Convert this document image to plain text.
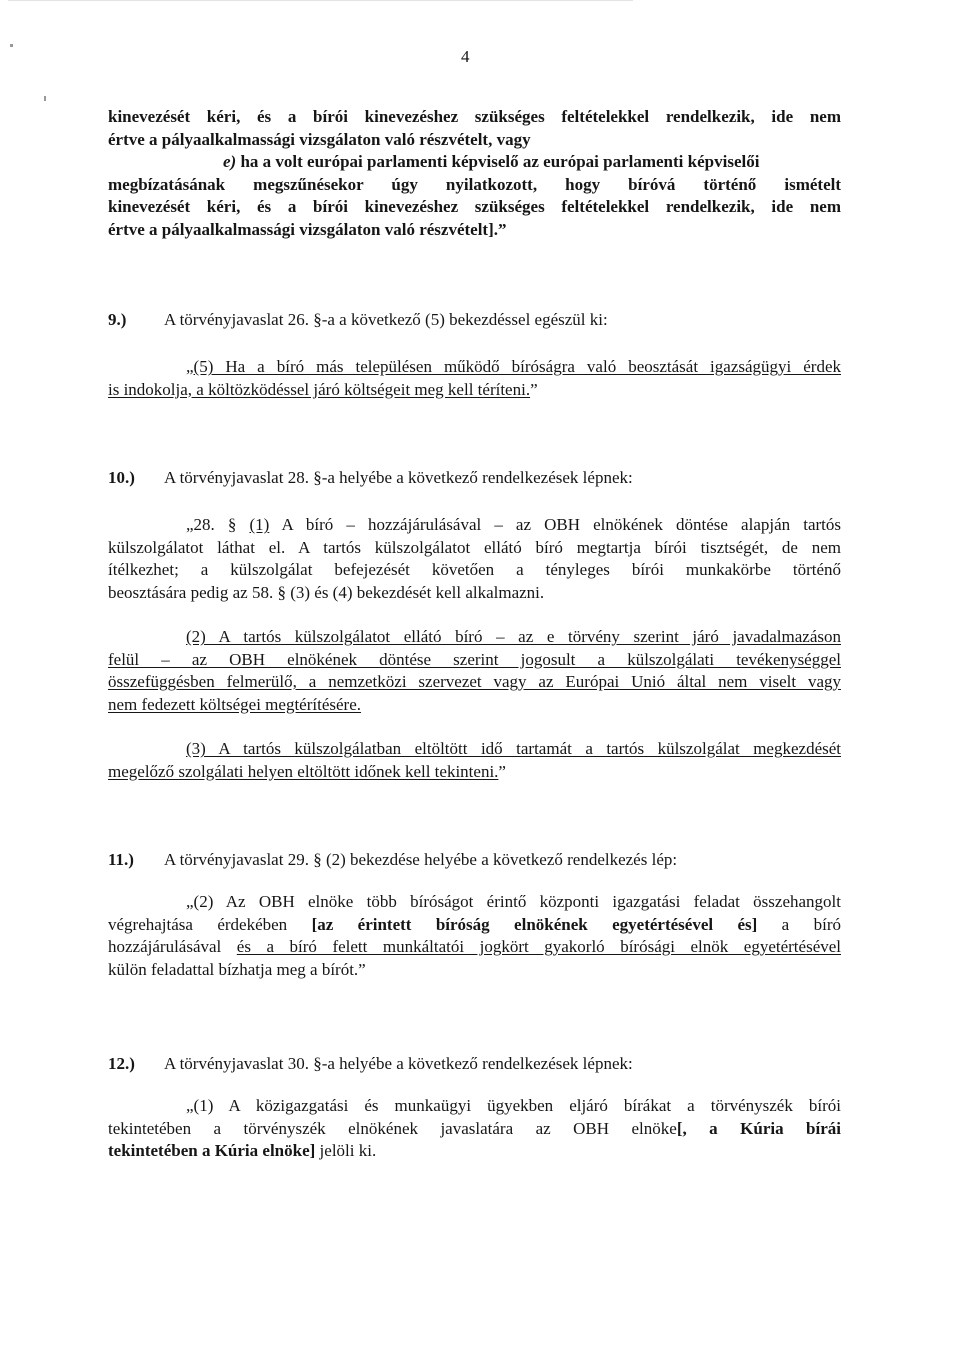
4
kinevezését kéri, és a bírói kinevezéshez szükséges feltételekkel rendelkezik, ide nem
értve a pályaalkalmassági vizsgálaton való részvételt, vagy
e) ha a volt európai parlamenti képviselő az európai parlamenti képviselői
megbízatásának megszűnésekor úgy nyilatkozott, hogy bíróvá történő ismételt
kinevezését kéri, és a bírói kinevezéshez szükséges feltételekkel rendelkezik, ide nem
értve a pályaalkalmassági vizsgálaton való részvételt].”
9.) A törvényjavaslat 26. §-a a következő (5) bekezdéssel egészül ki:
„(5) Ha a bíró más településen működő bíróságra való beosztását igazságügyi érdek
is indokolja, a költözködéssel járó költségeit meg kell téríteni.”
10.) A törvényjavaslat 28. §-a helyébe a következő rendelkezések lépnek:
„28. § (1) A bíró – hozzájárulásával – az OBH elnökének döntése alapján tartós
külszolgálatot láthat el. A tartós külszolgálatot ellátó bíró megtartja bírói tisztségét, de nem
ítélkezhet; a külszolgálat befejezését követően a tényleges bírói munkakörbe történő
beosztására pedig az 58. § (3) és (4) bekezdését kell alkalmazni.
(2) A tartós külszolgálatot ellátó bíró – az e törvény szerint járó javadalmazáson
felül – az OBH elnökének döntése szerint jogosult a külszolgálati tevékenységgel
összefüggésben felmerülő, a nemzetközi szervezet vagy az Európai Unió által nem viselt vagy
nem fedezett költségei megtérítésére.
(3) A tartós külszolgálatban eltöltött idő tartamát a tartós külszolgálat megkezdését
megelőző szolgálati helyen eltöltött időnek kell tekinteni.”
11.) A törvényjavaslat 29. § (2) bekezdése helyébe a következő rendelkezés lép:
„(2) Az OBH elnöke több bíróságot érintő központi igazgatási feladat összehangolt
végrehajtása érdekében [az érintett bíróság elnökének egyetértésével és] a bíró
hozzájárulásával és a bíró felett munkáltatói jogkört gyakorló bírósági elnök egyetértésével
külön feladattal bízhatja meg a bírót.”
12.) A törvényjavaslat 30. §-a helyébe a következő rendelkezések lépnek:
„(1) A közigazgatási és munkaügyi ügyekben eljáró bírákat a törvényszék bírói
tekintetében a törvényszék elnökének javaslatára az OBH elnöke[, a Kúria bírái
tekintetében a Kúria elnöke] jelöli ki.
